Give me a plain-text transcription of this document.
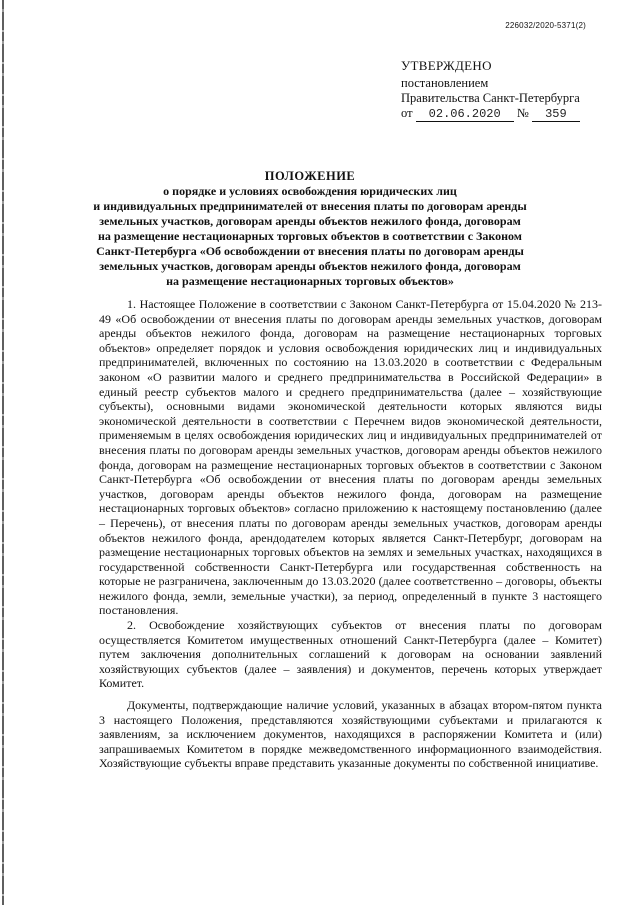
226032/2020-5371(2)
УТВЕРЖДЕНО
постановлением
Правительства Санкт-Петербурга
от 02.06.2020 № 359
ПОЛОЖЕНИЕ
о порядке и условиях освобождения юридических лиц
и индивидуальных предпринимателей от внесения платы по договорам аренды
земельных участков, договорам аренды объектов нежилого фонда, договорам
на размещение нестационарных торговых объектов в соответствии с Законом
Санкт-Петербурга «Об освобождении от внесения платы по договорам аренды
земельных участков, договорам аренды объектов нежилого фонда, договорам
на размещение нестационарных торговых объектов»

1. Настоящее Положение в соответствии с Законом Санкт-Петербурга от 15.04.2020 № 213-49 «Об освобождении от внесения платы по договорам аренды земельных участков, договорам аренды объектов нежилого фонда, договорам на размещение нестационарных торговых объектов» определяет порядок и условия освобождения юридических лиц и индивидуальных предпринимателей, включенных по состоянию на 13.03.2020 в соответствии с Федеральным законом «О развитии малого и среднего предпринимательства в Российской Федерации» в единый реестр субъектов малого и среднего предпринимательства (далее – хозяйствующие субъекты), основными видами экономической деятельности которых являются виды экономической деятельности в соответствии с Перечнем видов экономической деятельности, применяемым в целях освобождения юридических лиц и индивидуальных предпринимателей от внесения платы по договорам аренды земельных участков, договорам аренды объектов нежилого фонда, договорам на размещение нестационарных торговых объектов в соответствии с Законом Санкт-Петербурга «Об освобождении от внесения платы по договорам аренды земельных участков, договорам аренды объектов нежилого фонда, договорам на размещение нестационарных торговых объектов» согласно приложению к настоящему постановлению (далее – Перечень), от внесения платы по договорам аренды земельных участков, договорам аренды объектов нежилого фонда, арендодателем которых является Санкт-Петербург, договорам на размещение нестационарных торговых объектов на землях и земельных участках, находящихся в государственной собственности Санкт-Петербурга или государственная собственность на которые не разграничена, заключенным до 13.03.2020 (далее соответственно – договоры, объекты нежилого фонда, земли, земельные участки), за период, определенный в пункте 3 настоящего постановления.

2. Освобождение хозяйствующих субъектов от внесения платы по договорам осуществляется Комитетом имущественных отношений Санкт-Петербурга (далее – Комитет) путем заключения дополнительных соглашений к договорам на основании заявлений хозяйствующих субъектов (далее – заявления) и документов, перечень которых утверждает Комитет.

Документы, подтверждающие наличие условий, указанных в абзацах втором-пятом пункта 3 настоящего Положения, представляются хозяйствующими субъектами и прилагаются к заявлениям, за исключением документов, находящихся в распоряжении Комитета и (или) запрашиваемых Комитетом в порядке межведомственного информационного взаимодействия. Хозяйствующие субъекты вправе представить указанные документы по собственной инициативе.
